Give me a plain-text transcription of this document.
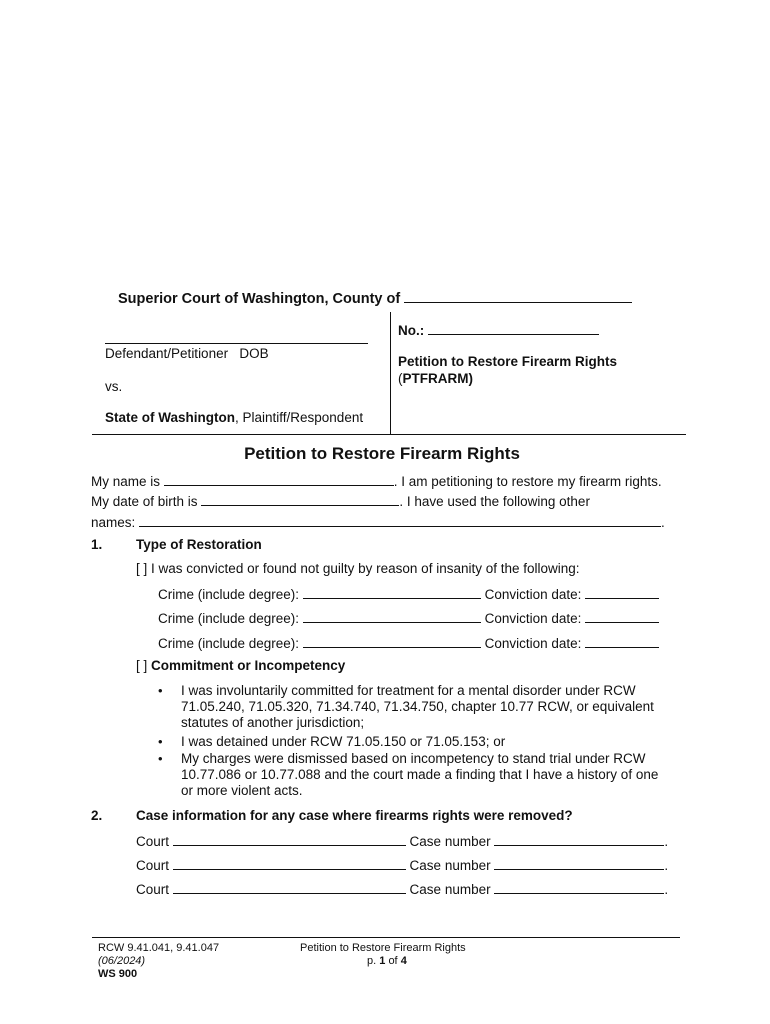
Superior Court of Washington, County of
Defendant/Petitioner DOB
vs.
State of Washington, Plaintiff/Respondent
No.:
Petition to Restore Firearm Rights
(PTFRARM)
Petition to Restore Firearm Rights
My name is	. I am petitioning to restore my firearm rights.
My date of birth is	. I have used the following other
names:	.
1. Type of Restoration
[ ] I was convicted or found not guilty by reason of insanity of the following:
Crime (include degree):	Conviction date:
Crime (include degree):	Conviction date:
Crime (include degree):	Conviction date:
[ ] Commitment or Incompetency
• I was involuntarily committed for treatment for a mental disorder under RCW
71.05.240, 71.05.320, 71.34.740, 71.34.750, chapter 10.77 RCW, or equivalent
statutes of another jurisdiction;
• I was detained under RCW 71.05.150 or 71.05.153; or
• My charges were dismissed based on incompetency to stand trial under RCW
10.77.086 or 10.77.088 and the court made a finding that I have a history of one
or more violent acts.
2. Case information for any case where firearms rights were removed?
Court	Case number	.
Court	Case number	.
Court	Case number	.
RCW 9.41.041, 9.41.047
(06/2024)
WS 900
Petition to Restore Firearm Rights
p. 1 of 4
